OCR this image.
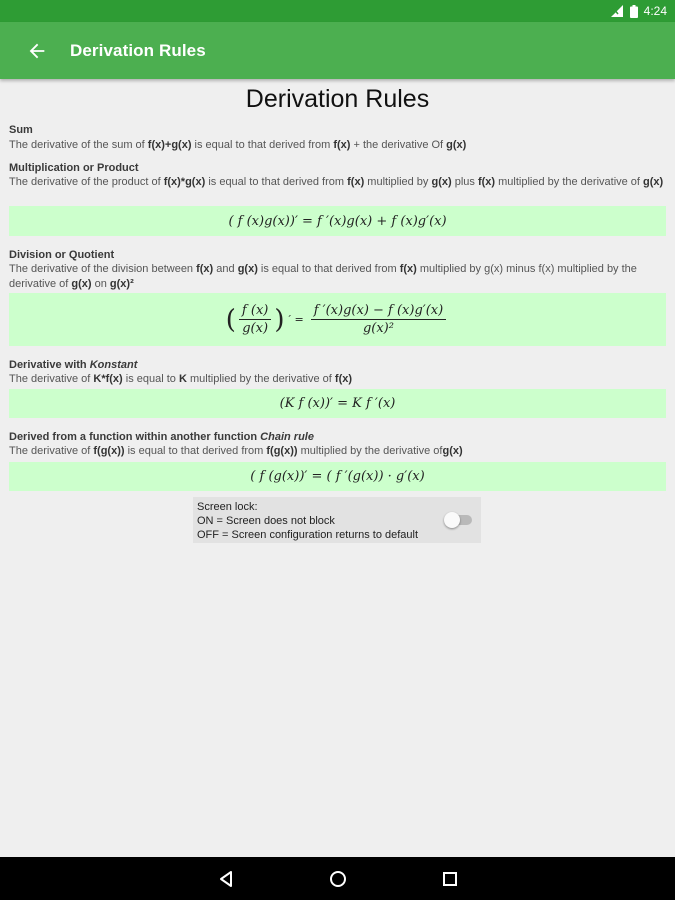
4:24
Derivation Rules
Derivation Rules
Sum
The derivative of the sum of f(x)+g(x) is equal to that derived from f(x) + the derivative Of g(x)
Multiplication or Product
The derivative of the product of f(x)*g(x) is equal to that derived from f(x) multiplied by g(x) plus f(x) multiplied by the derivative of g(x)
( f (x)g(x))′ = f ′(x)g(x) + f (x)g′(x)
Division or Quotient
The derivative of the division between f(x) and g(x) is equal to that derived from f(x) multiplied by g(x) minus f(x) multiplied by the derivative of g(x) on g(x)²
( $\frac{f (x)}{g(x)}$ ) ′ = $\frac{f '(x)g(x) - f (x)g'(x)}{\text{g(x)²}}$
Derivative with Konstant
The derivative of K*f(x) is equal to K multiplied by the derivative of f(x)
(K f (x))′ = K f ′(x)
Derived from a function within another function Chain rule
The derivative of f(g(x)) is equal to that derived from f(g(x)) multiplied by the derivative ofg(x)
( f (g(x))′ = ( f ′(g(x)) · g′(x)
Screen lock:
ON = Screen does not block
OFF = Screen configuration returns to default
